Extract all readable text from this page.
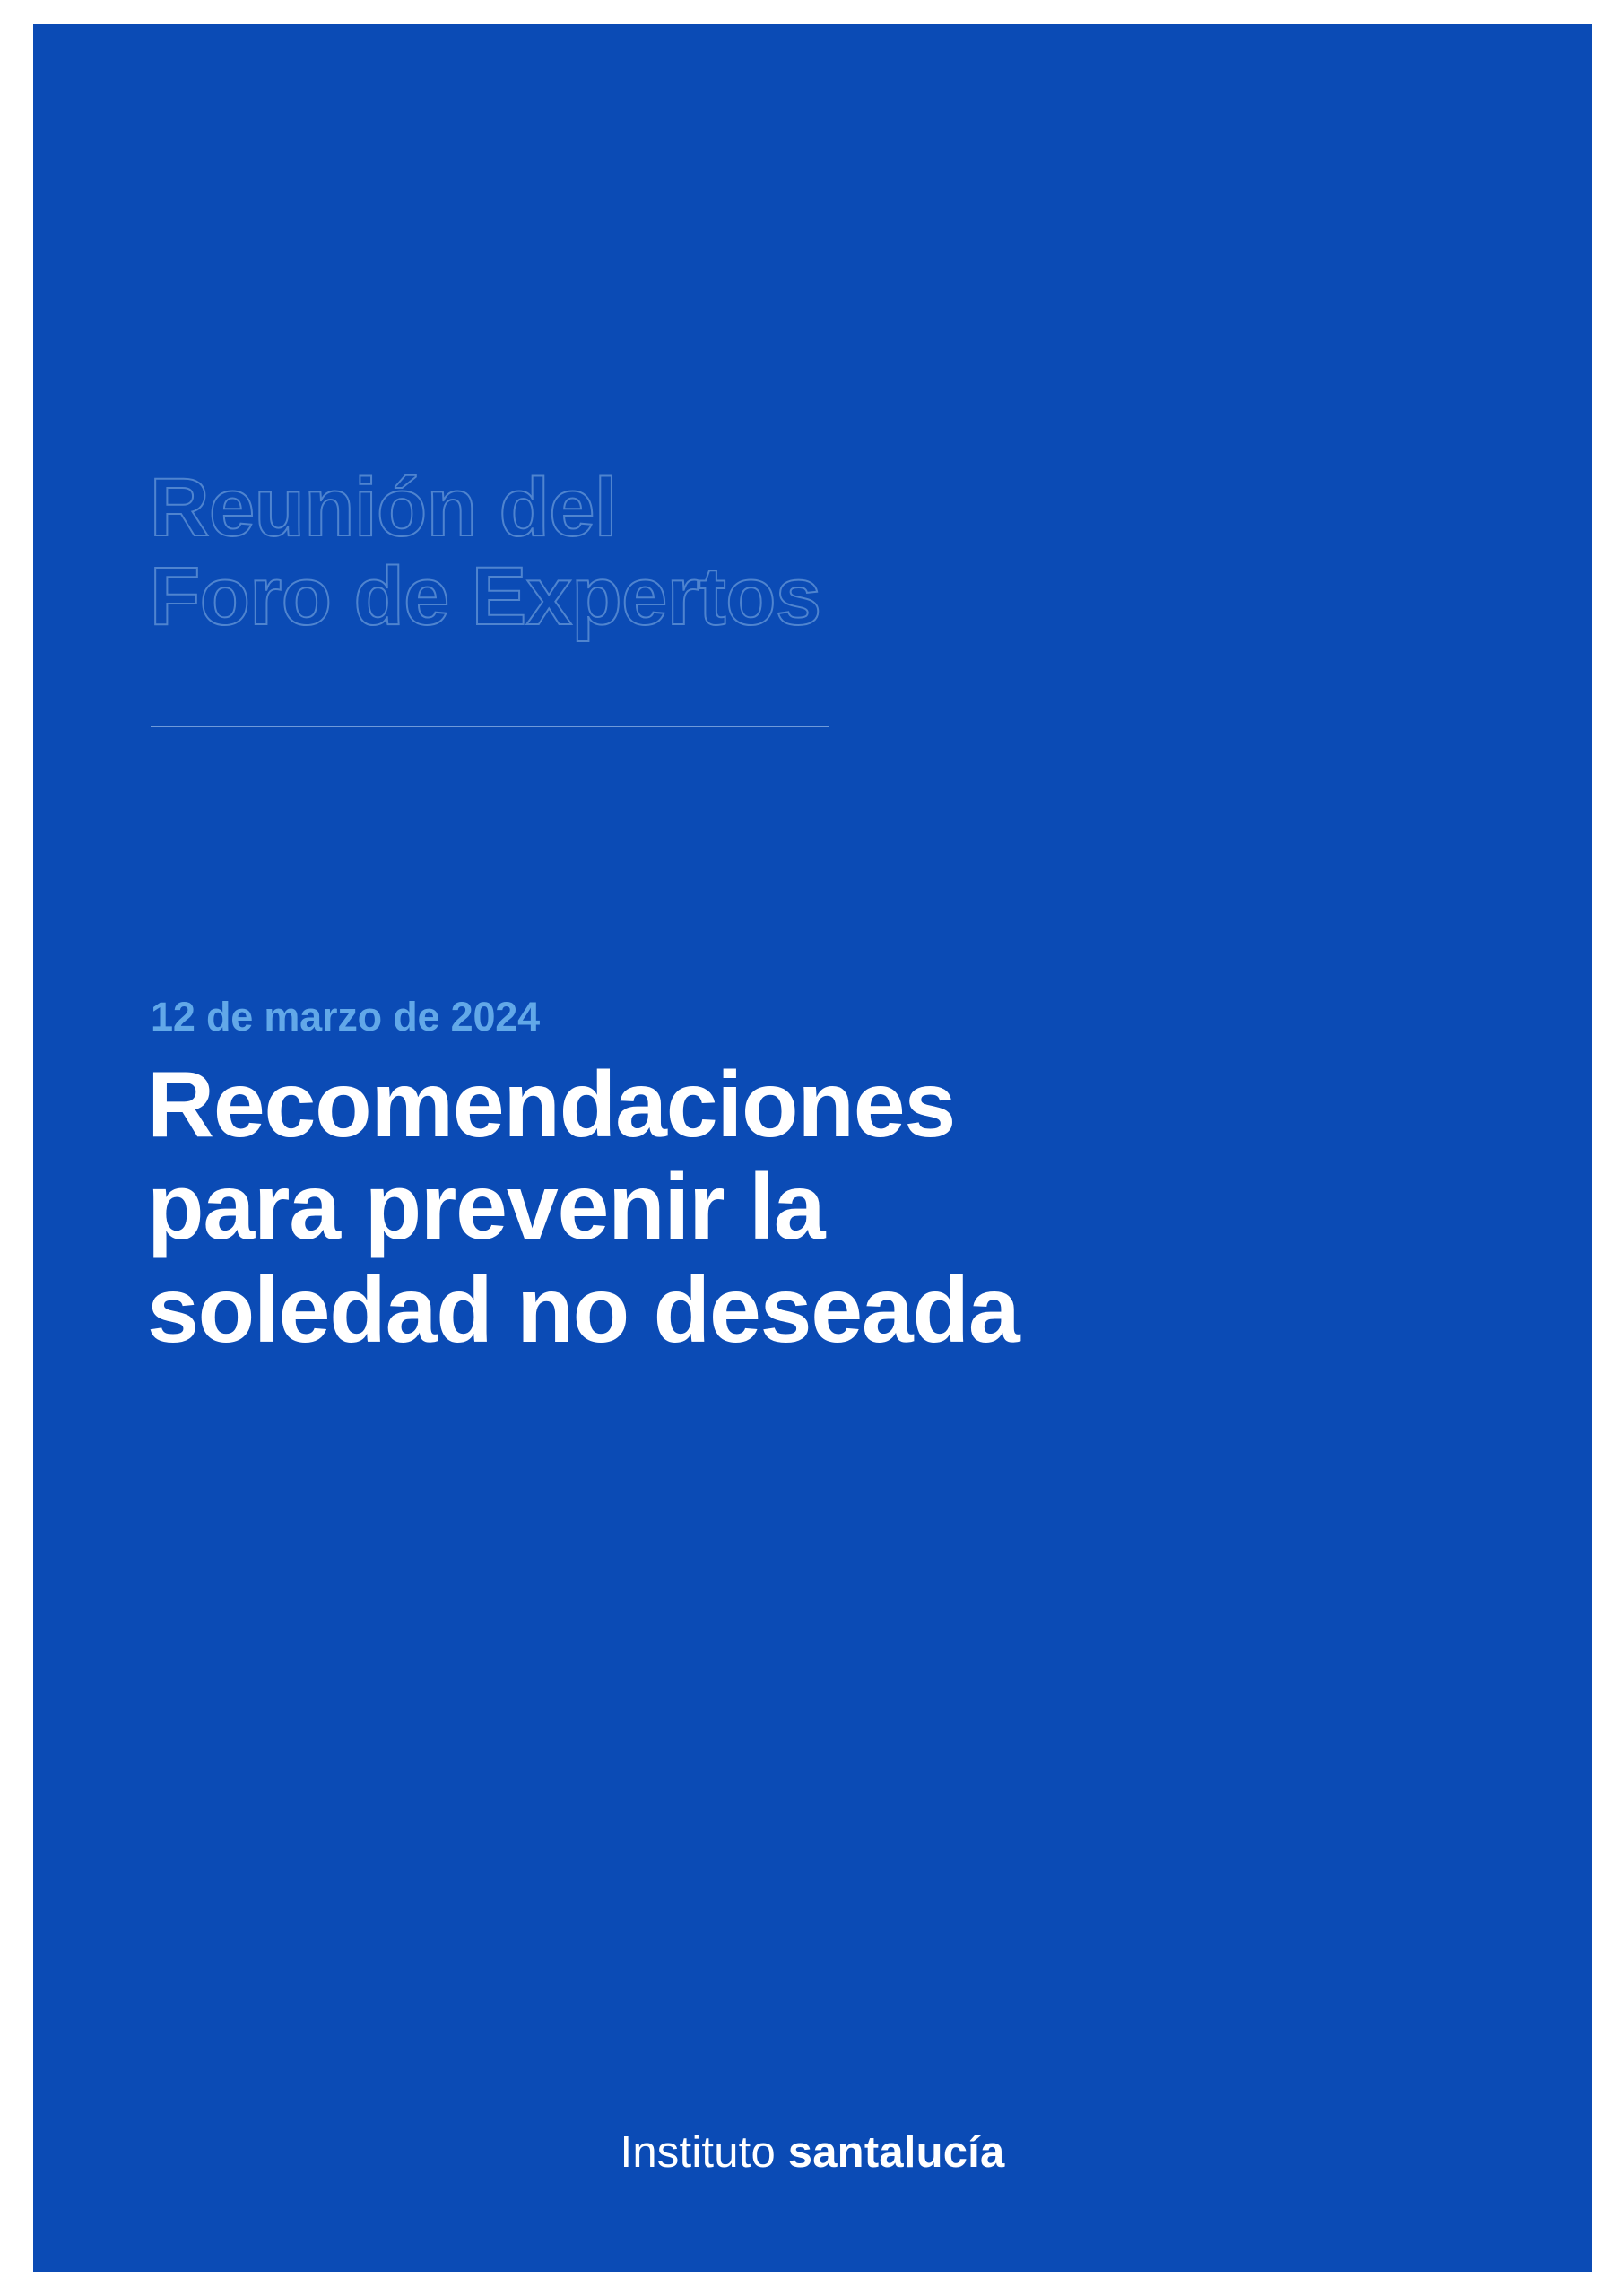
Reunión del
Foro de Expertos
12 de marzo de 2024
Recomendaciones
para prevenir la
soledad no deseada
Instituto santalucía
